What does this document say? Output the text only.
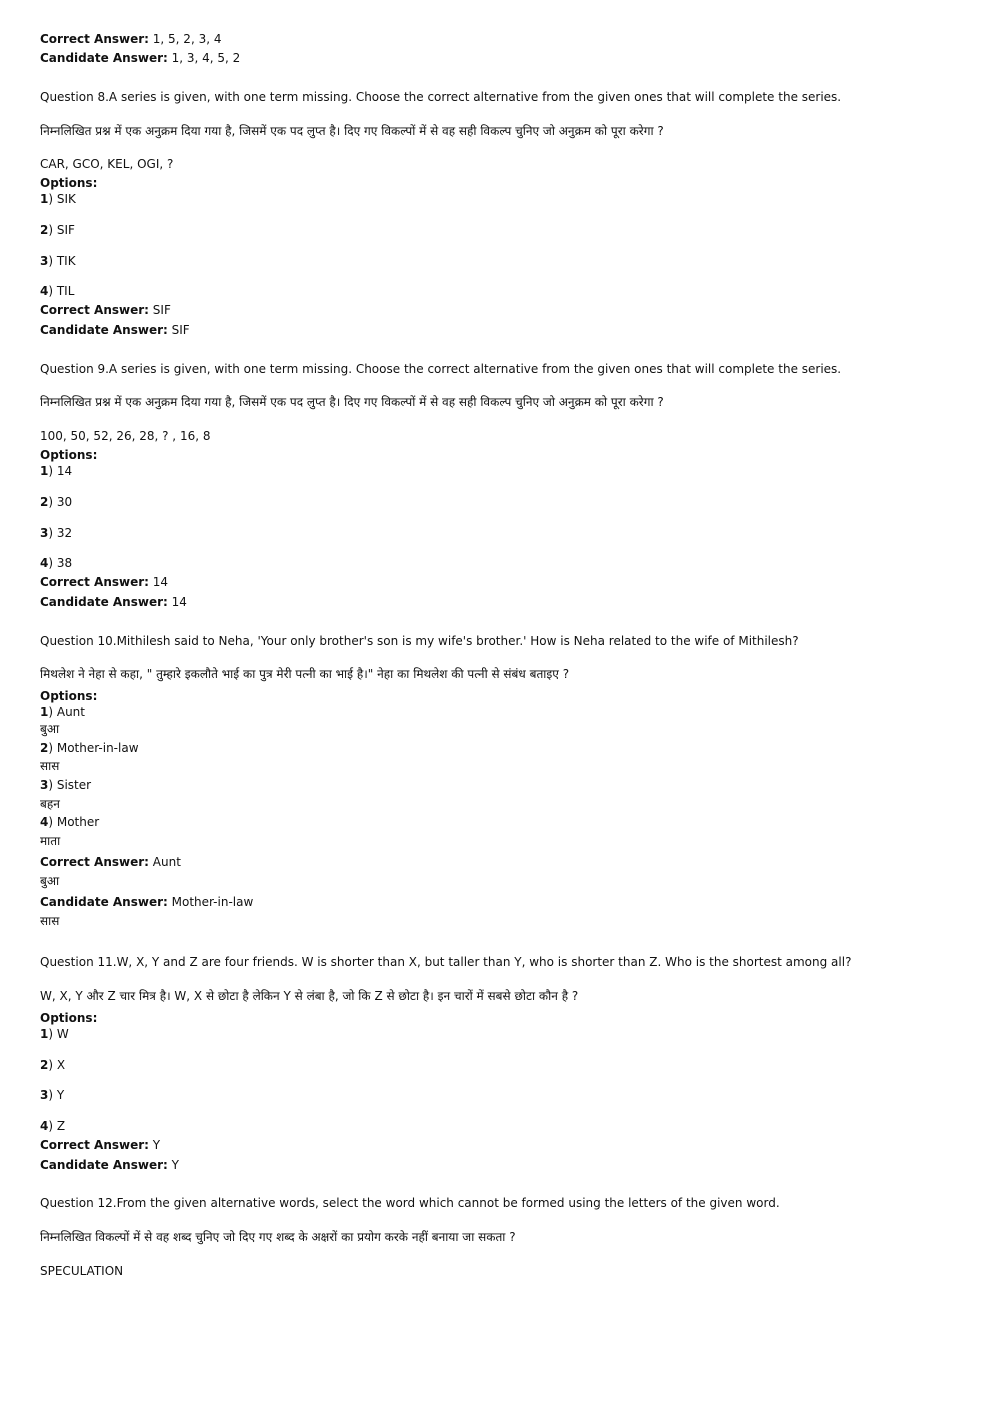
Correct Answer: 1, 5, 2, 3, 4
Candidate Answer: 1, 3, 4, 5, 2
Question 8.A series is given, with one term missing. Choose the correct alternative from the given ones that will complete the series.
निम्नलिखित प्रश्न में एक अनुक्रम दिया गया है, जिसमें एक पद लुप्त है। दिए गए विकल्पों में से वह सही विकल्प चुनिए जो अनुक्रम को पूरा करेगा ?
CAR, GCO, KEL, OGI, ?
Options:
1) SIK
2) SIF
3) TIK
4) TIL
Correct Answer: SIF
Candidate Answer: SIF
Question 9.A series is given, with one term missing. Choose the correct alternative from the given ones that will complete the series.
निम्नलिखित प्रश्न में एक अनुक्रम दिया गया है, जिसमें एक पद लुप्त है। दिए गए विकल्पों में से वह सही विकल्प चुनिए जो अनुक्रम को पूरा करेगा ?
100, 50, 52, 26, 28, ? , 16, 8
Options:
1) 14
2) 30
3) 32
4) 38
Correct Answer: 14
Candidate Answer: 14
Question 10.Mithilesh said to Neha, 'Your only brother's son is my wife's brother.' How is Neha related to the wife of Mithilesh?
मिथलेश ने नेहा से कहा, " तुम्हारे इकलौते भाई का पुत्र मेरी पत्नी का भाई है।" नेहा का मिथलेश की पत्नी से संबंध बताइए ?
Options:
1) Aunt
बुआ
2) Mother-in-law
सास
3) Sister
बहन
4) Mother
माता
Correct Answer: Aunt
बुआ
Candidate Answer: Mother-in-law
सास
Question 11.W, X, Y and Z are four friends. W is shorter than X, but taller than Y, who is shorter than Z. Who is the shortest among all?
W, X, Y और Z चार मित्र है। W, X से छोटा है लेकिन Y से लंबा है, जो कि Z से छोटा है। इन चारों में सबसे छोटा कौन है ?
Options:
1) W
2) X
3) Y
4) Z
Correct Answer: Y
Candidate Answer: Y
Question 12.From the given alternative words, select the word which cannot be formed using the letters of the given word.
निम्नलिखित विकल्पों में से वह शब्द चुनिए जो दिए गए शब्द के अक्षरों का प्रयोग करके नहीं बनाया जा सकता ?
SPECULATION
